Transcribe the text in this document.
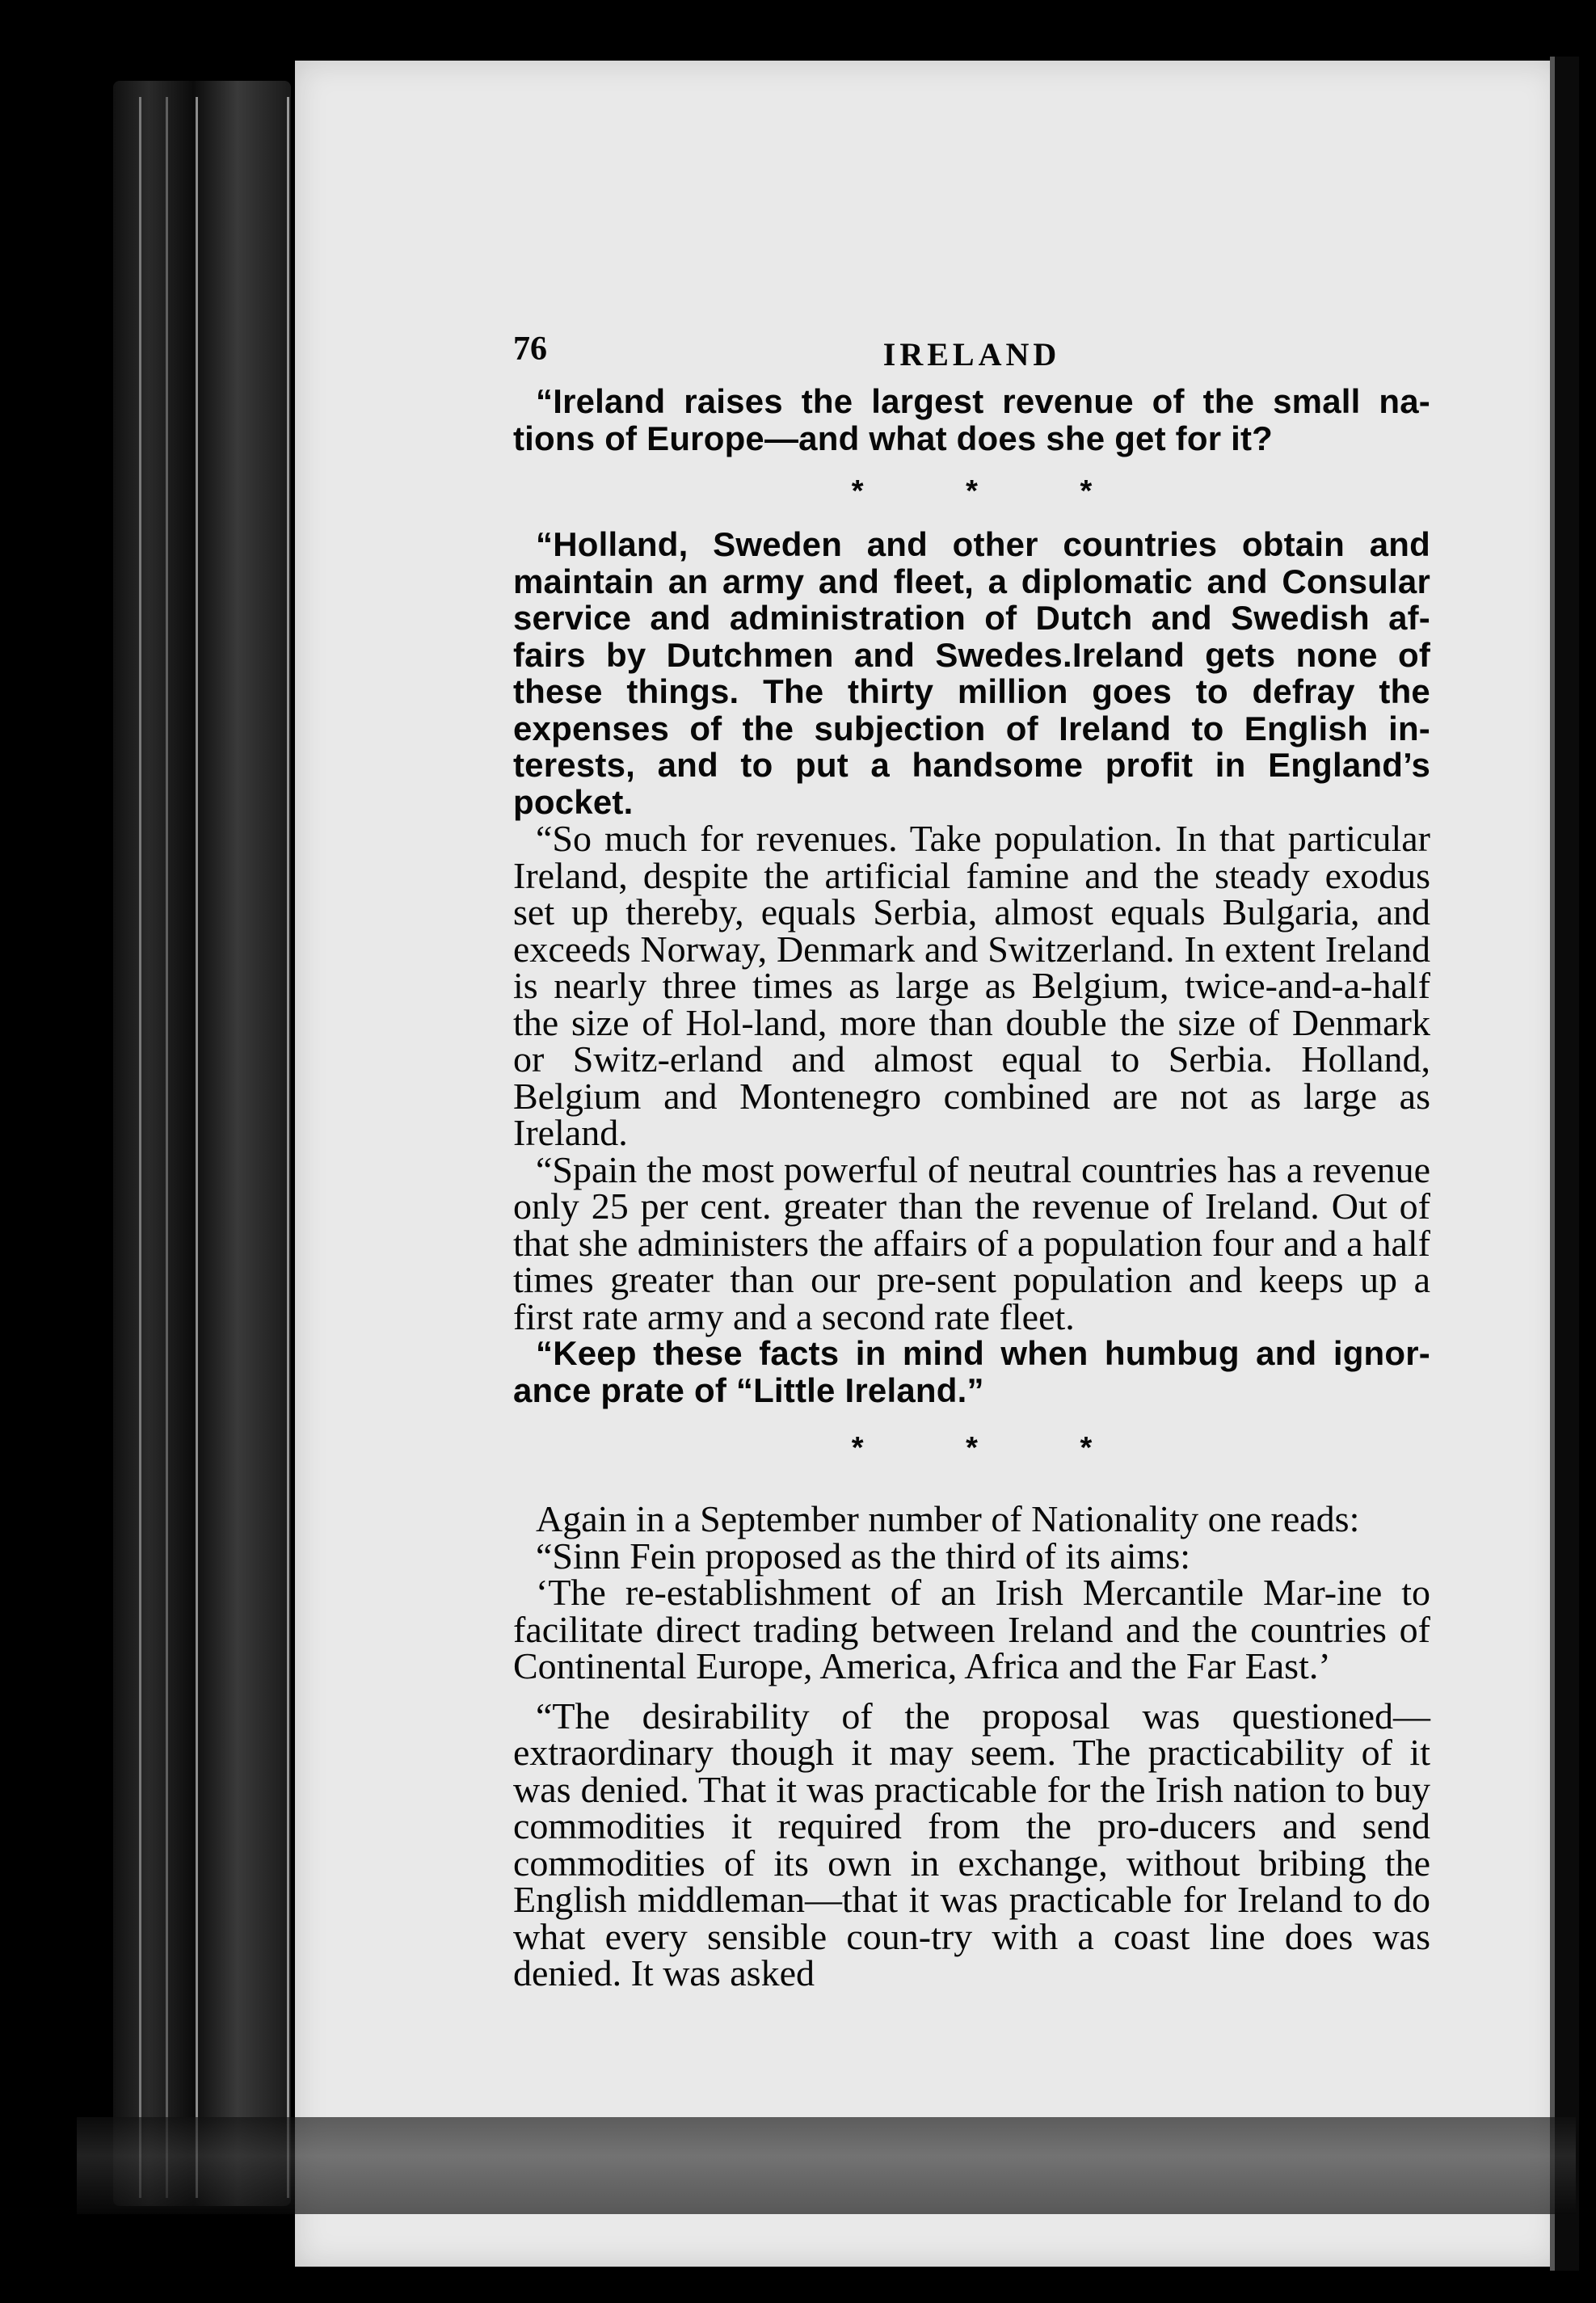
76	IRELAND

“Ireland raises the largest revenue of the small na-tions of Europe—and what does she get for it?

* * *

“Holland, Sweden and other countries obtain and maintain an army and fleet, a diplomatic and Consular service and administration of Dutch and Swedish af-fairs by Dutchmen and Swedes.Ireland gets none of these things. The thirty million goes to defray the expenses of the subjection of Ireland to English in-terests, and to put a handsome profit in England’s pocket.

“So much for revenues. Take population. In that particular Ireland, despite the artificial famine and the steady exodus set up thereby, equals Serbia, almost equals Bulgaria, and exceeds Norway, Denmark and Switzerland. In extent Ireland is nearly three times as large as Belgium, twice-and-a-half the size of Hol-land, more than double the size of Denmark or Switz-erland and almost equal to Serbia. Holland, Belgium and Montenegro combined are not as large as Ireland.

“Spain the most powerful of neutral countries has a revenue only 25 per cent. greater than the revenue of Ireland. Out of that she administers the affairs of a population four and a half times greater than our pre-sent population and keeps up a first rate army and a second rate fleet.

“Keep these facts in mind when humbug and ignor-ance prate of “Little Ireland.”

* * *

Again in a September number of Nationality one reads:

“Sinn Fein proposed as the third of its aims:

‘The re-establishment of an Irish Mercantile Mar-ine to facilitate direct trading between Ireland and the countries of Continental Europe, America, Africa and the Far East.’

“The desirability of the proposal was questioned—extraordinary though it may seem. The practicability of it was denied. That it was practicable for the Irish nation to buy commodities it required from the pro-ducers and send commodities of its own in exchange, without bribing the English middleman—that it was practicable for Ireland to do what every sensible coun-try with a coast line does was denied. It was asked
